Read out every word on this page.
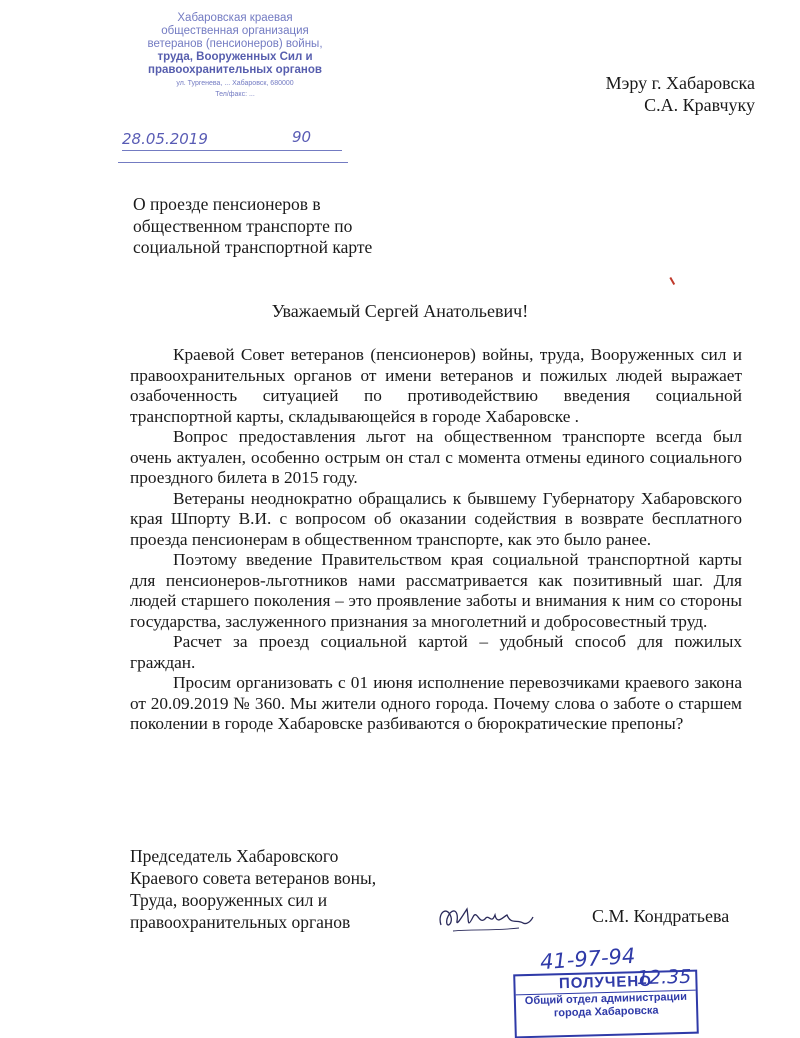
Хабаровская краевая
общественная организация
ветеранов (пенсионеров) войны,
труда, Вооруженных Сил и
правоохранительных органов
ул. Тургенева, ... Хабаровск, 680000
Тел/факс: ...
28.05.2019	90
Мэру г. Хабаровска
С.А. Кравчуку
О проезде пенсионеров в
общественном транспорте по
социальной транспортной карте
Уважаемый Сергей Анатольевич!

Краевой Совет ветеранов (пенсионеров) войны, труда, Вооруженных сил и правоохранительных органов от имени ветеранов и пожилых людей выражает озабоченность ситуацией по противодействию введения социальной транспортной карты, складывающейся в городе Хабаровске .

Вопрос предоставления льгот на общественном транспорте всегда был очень актуален, особенно острым он стал с момента отмены единого социального проездного билета в 2015 году.

Ветераны неоднократно обращались к бывшему Губернатору Хабаровского края Шпорту В.И. с вопросом об оказании содействия в возврате бесплатного проезда пенсионерам в общественном транспорте, как это было ранее.

Поэтому введение Правительством края социальной транспортной карты для пенсионеров-льготников нами рассматривается как позитивный шаг. Для людей старшего поколения – это проявление заботы и внимания к ним со стороны государства, заслуженного признания за многолетний и добросовестный труд.

Расчет за проезд социальной картой – удобный способ для пожилых граждан.

Просим организовать с 01 июня исполнение перевозчиками краевого закона от 20.09.2019 № 360. Мы жители одного города. Почему слова о заботе о старшем поколении в городе Хабаровске разбиваются о бюрократические препоны?

Председатель Хабаровского
Краевого совета ветеранов воны,
Труда, вооруженных сил и
правоохранительных органов	С.М. Кондратьева
41-97-94
ПОЛУЧЕНО
12.35
Общий отдел администрации
города Хабаровска
